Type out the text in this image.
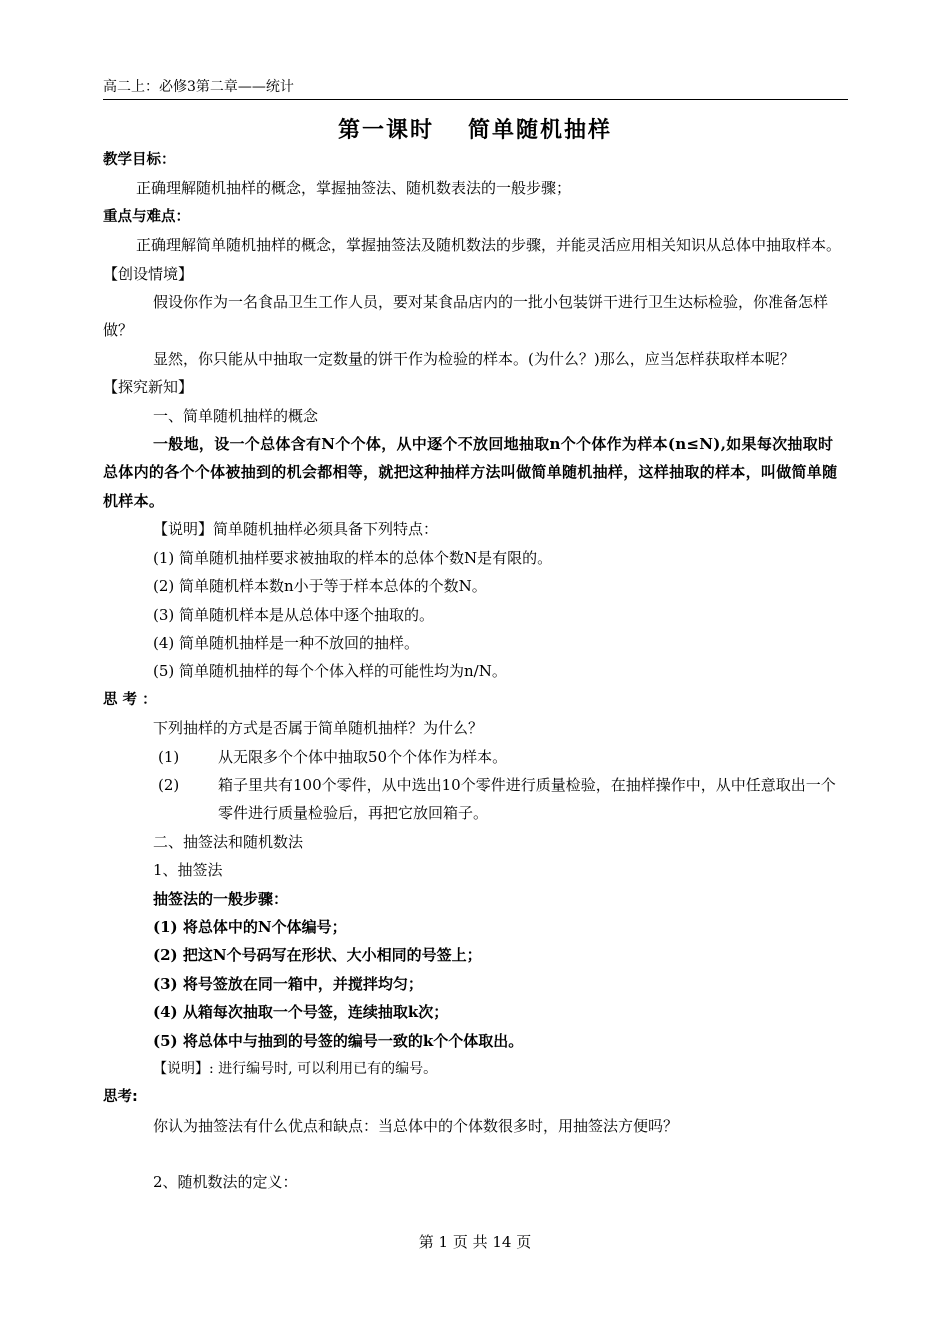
高二上：必修3第二章——统计
第一课时 简单随机抽样

教学目标：

正确理解随机抽样的概念，掌握抽签法、随机数表法的一般步骤；

重点与难点：

正确理解简单随机抽样的概念，掌握抽签法及随机数法的步骤，并能灵活应用相关知识从总体中抽取样本。

【创设情境】

假设你作为一名食品卫生工作人员，要对某食品店内的一批小包装饼干进行卫生达标检验，你准备怎样做？

显然，你只能从中抽取一定数量的饼干作为检验的样本。(为什么？)那么，应当怎样获取样本呢？

【探究新知】

一、简单随机抽样的概念

一般地，设一个总体含有N个个体，从中逐个不放回地抽取n个个体作为样本(n≤N),如果每次抽取时总体内的各个个体被抽到的机会都相等，就把这种抽样方法叫做简单随机抽样，这样抽取的样本，叫做简单随机样本。

【说明】简单随机抽样必须具备下列特点：

(1) 简单随机抽样要求被抽取的样本的总体个数N是有限的。

(2) 简单随机样本数n小于等于样本总体的个数N。

(3) 简单随机样本是从总体中逐个抽取的。

(4) 简单随机抽样是一种不放回的抽样。

(5) 简单随机抽样的每个个体入样的可能性均为n/N。

思 考 ：

下列抽样的方式是否属于简单随机抽样？为什么？

(1)	从无限多个个体中抽取50个个体作为样本。
(2)	箱子里共有100个零件，从中选出10个零件进行质量检验，在抽样操作中，从中任意取出一个零件进行质量检验后，再把它放回箱子。

二、抽签法和随机数法

1、抽签法

抽签法的一般步骤：

(1) 将总体中的N个体编号；

(2) 把这N个号码写在形状、大小相同的号签上；

(3) 将号签放在同一箱中，并搅拌均匀；

(4) 从箱每次抽取一个号签，连续抽取k次；

(5) 将总体中与抽到的号签的编号一致的k个个体取出。

【说明】: 进行编号时, 可以利用已有的编号。

思考:

你认为抽签法有什么优点和缺点：当总体中的个体数很多时，用抽签法方便吗？

2、随机数法的定义：

第 1 页 共 14 页
